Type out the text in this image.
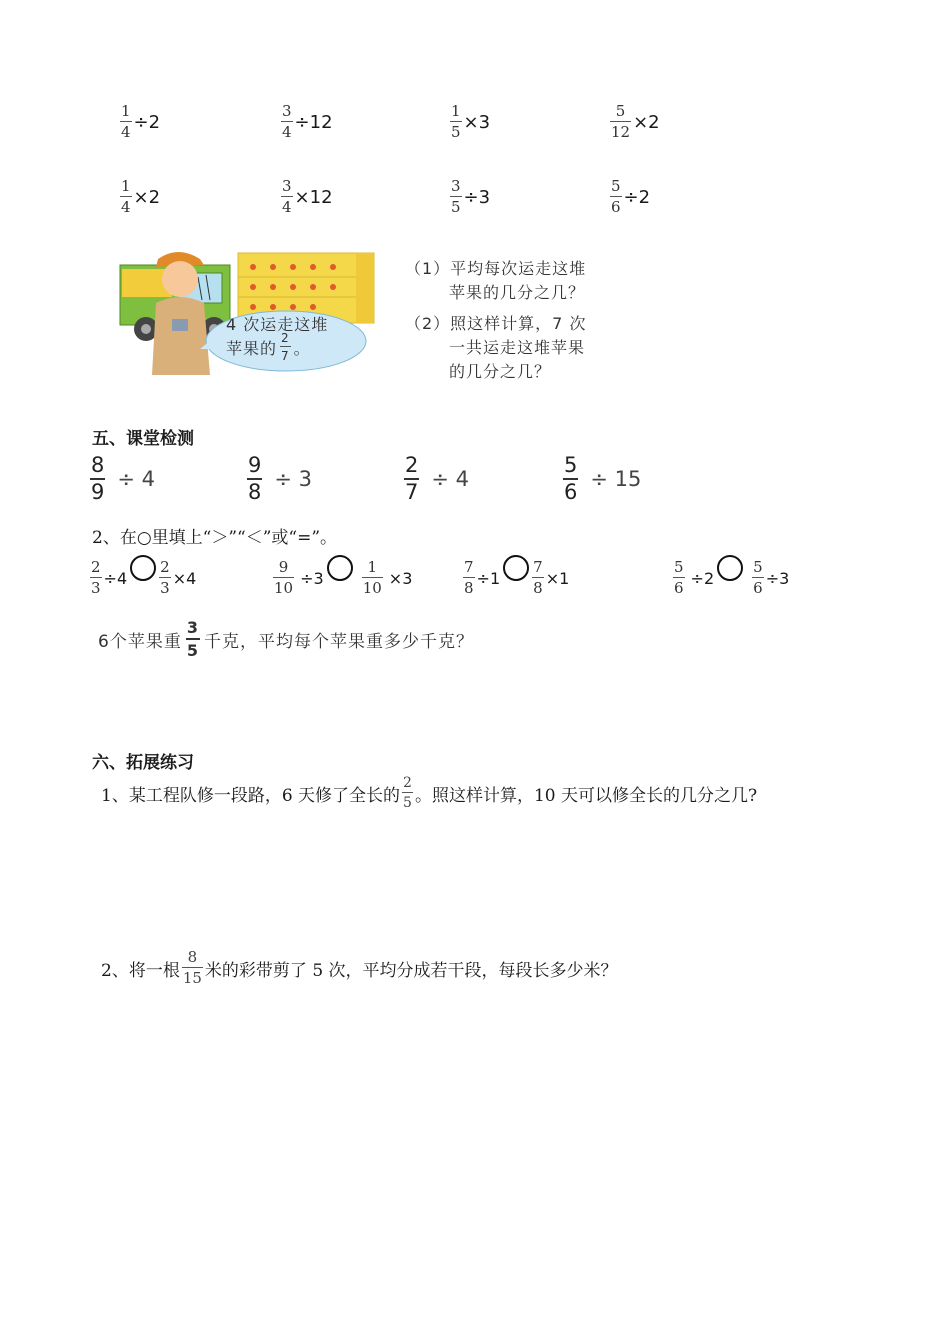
$\frac{1}{4} \div 2$	$\frac{3}{4} \div 12$	$\frac{1}{5} \times 3$	$\frac{5}{12} \times 2$
$\frac{1}{4} \times 2$	$\frac{3}{4} \times 12$	$\frac{3}{5} \div 3$	$\frac{5}{6} \div 2$
4 次运走这堆
苹果的 $\frac{2}{7}$ 。
（1）平均每次运走这堆
苹果的几分之几？
（2）照这样计算，7 次
一共运走这堆苹果
的几分之几？
五、课堂检测
$\frac{8}{9} \div 4$	$\frac{9}{8} \div 3$	$\frac{2}{7} \div 4$	$\frac{5}{6} \div 15$
2、在○里填上“＞”“＜”或“=”。
$\frac{2}{3} \div 4 \frac{2}{3} \times 4$	$\frac{9}{10} \div 3$	$\frac{1}{10} \times 3$	$\frac{7}{8} \div 1 \frac{7}{8} \times 1$	$\frac{5}{6} \div 2$	$\frac{5}{6} \div 3$
6个苹果重 $\frac{3}{5}$ 千克，平均每个苹果重多少千克？
六、拓展练习
1、某工程队修一段路，6 天修了全长的 $\frac{2}{5}$ 。照这样计算，10 天可以修全长的几分之几?
2、将一根 $\frac{8}{15}$ 米的彩带剪了 5 次，平均分成若干段，每段长多少米？
